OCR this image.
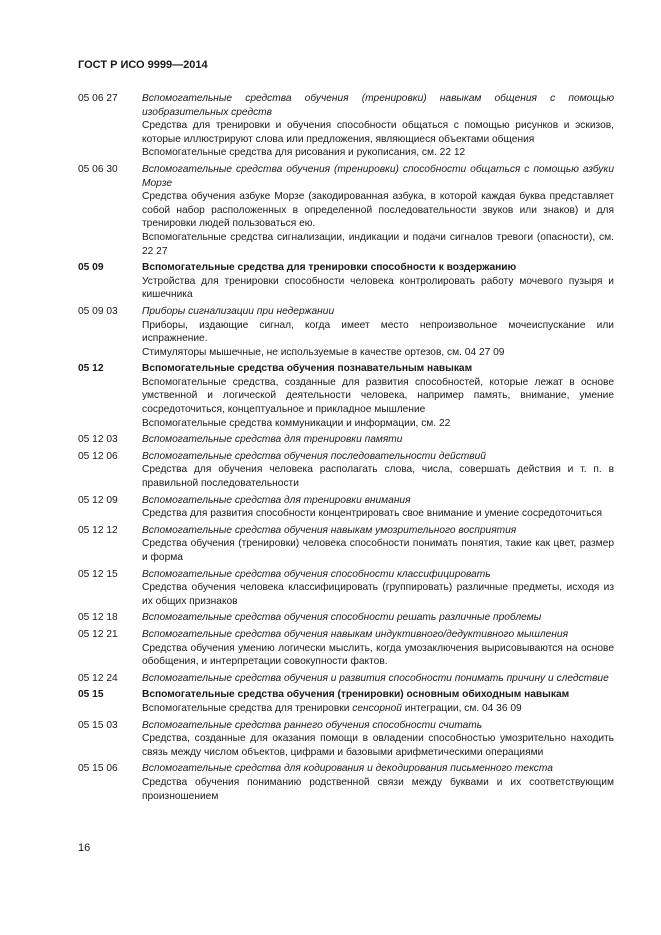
ГОСТ Р ИСО 9999—2014
05 06 27	Вспомогательные средства обучения (тренировки) навыкам общения с помощью изобразительных средств
Средства для тренировки и обучения способности общаться с помощью рисунков и эскизов, которые иллюстрируют слова или предложения, являющиеся объектами общения
Вспомогательные средства для рисования и рукописания, см. 22 12
05 06 30	Вспомогательные средства обучения (тренировки) способности общаться с помощью азбуки Морзе
Средства обучения азбуке Морзе (закодированная азбука, в которой каждая буква представляет собой набор расположенных в определенной последовательности звуков или знаков) и для тренировки людей пользоваться ею.
Вспомогательные средства сигнализации, индикации и подачи сигналов тревоги (опасности), см. 22 27
05 09	Вспомогательные средства для тренировки способности к воздержанию
Устройства для тренировки способности человека контролировать работу мочевого пузыря и кишечника
05 09 03	Приборы сигнализации при недержании
Приборы, издающие сигнал, когда имеет место непроизвольное мочеиспускание или испражнение.
Стимуляторы мышечные, не используемые в качестве ортезов, см. 04 27 09
05 12	Вспомогательные средства обучения познавательным навыкам
Вспомогательные средства, созданные для развития способностей, которые лежат в основе умственной и логической деятельности человека, например память, внимание, умение сосредоточиться, концептуальное и прикладное мышление
Вспомогательные средства коммуникации и информации, см. 22
05 12 03	Вспомогательные средства для тренировки памяти
05 12 06	Вспомогательные средства обучения последовательности действий
Средства для обучения человека располагать слова, числа, совершать действия и т. п. в правильной последовательности
05 12 09	Вспомогательные средства для тренировки внимания
Средства для развития способности концентрировать свое внимание и умение сосредоточиться
05 12 12	Вспомогательные средства обучения навыкам умозрительного восприятия
Средства обучения (тренировки) человека способности понимать понятия, такие как цвет, размер и форма
05 12 15	Вспомогательные средства обучения способности классифицировать
Средства обучения человека классифицировать (группировать) различные предметы, исходя из их общих признаков
05 12 18	Вспомогательные средства обучения способности решать различные проблемы
05 12 21	Вспомогательные средства обучения навыкам индуктивного/дедуктивного мышления
Средства обучения умению логически мыслить, когда умозаключения вырисовываются на основе обобщения, и интерпретации совокупности фактов.
05 12 24	Вспомогательные средства обучения и развития способности понимать причину и следствие
05 15	Вспомогательные средства обучения (тренировки) основным обиходным навыкам
Вспомогательные средства для тренировки сенсорной интеграции, см. 04 36 09
05 15 03	Вспомогательные средства раннего обучения способности считать
Средства, созданные для оказания помощи в овладении способностью умозрительно находить связь между числом объектов, цифрами и базовыми арифметическими операциями
05 15 06	Вспомогательные средства для кодирования и декодирования письменного текста
Средства обучения пониманию родственной связи между буквами и их соответствующим произношением
16
